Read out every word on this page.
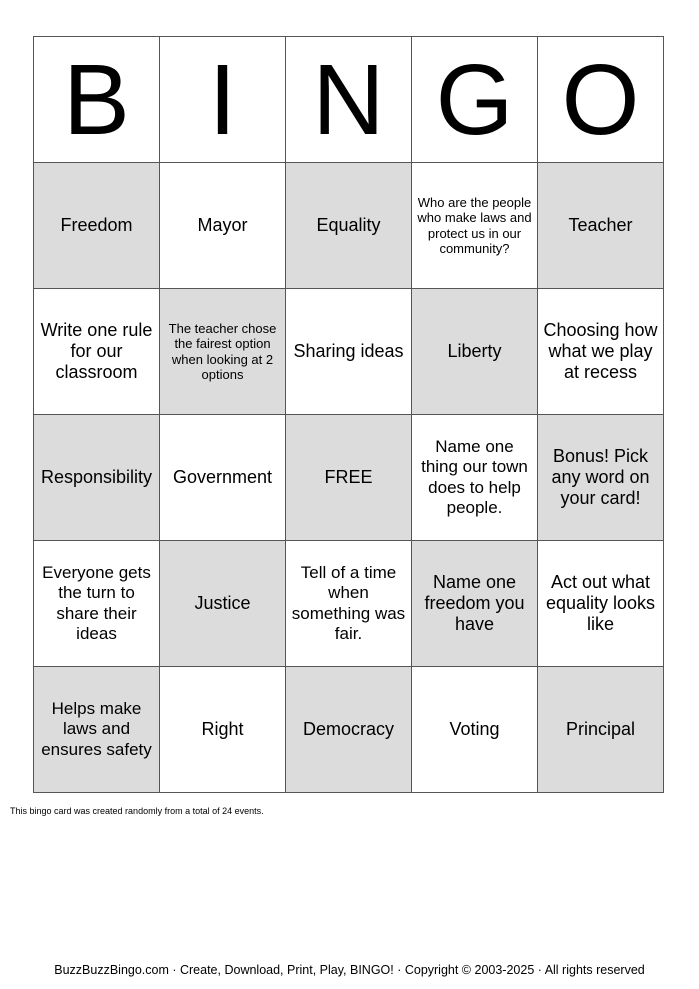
B	I	N	G	O
Freedom	Mayor	Equality	Who are the people who make laws and protect us in our community?	Teacher
Write one rule for our classroom	The teacher chose the fairest option when looking at 2 options	Sharing ideas	Liberty	Choosing how what we play at recess
Responsibility	Government	FREE	Name one thing our town does to help people.	Bonus! Pick any word on your card!
Everyone gets the turn to share their ideas	Justice	Tell of a time when something was fair.	Name one freedom you have	Act out what equality looks like
Helps make laws and ensures safety	Right	Democracy	Voting	Principal
This bingo card was created randomly from a total of 24 events.
BuzzBuzzBingo.com · Create, Download, Print, Play, BINGO! · Copyright © 2003-2025 · All rights reserved
